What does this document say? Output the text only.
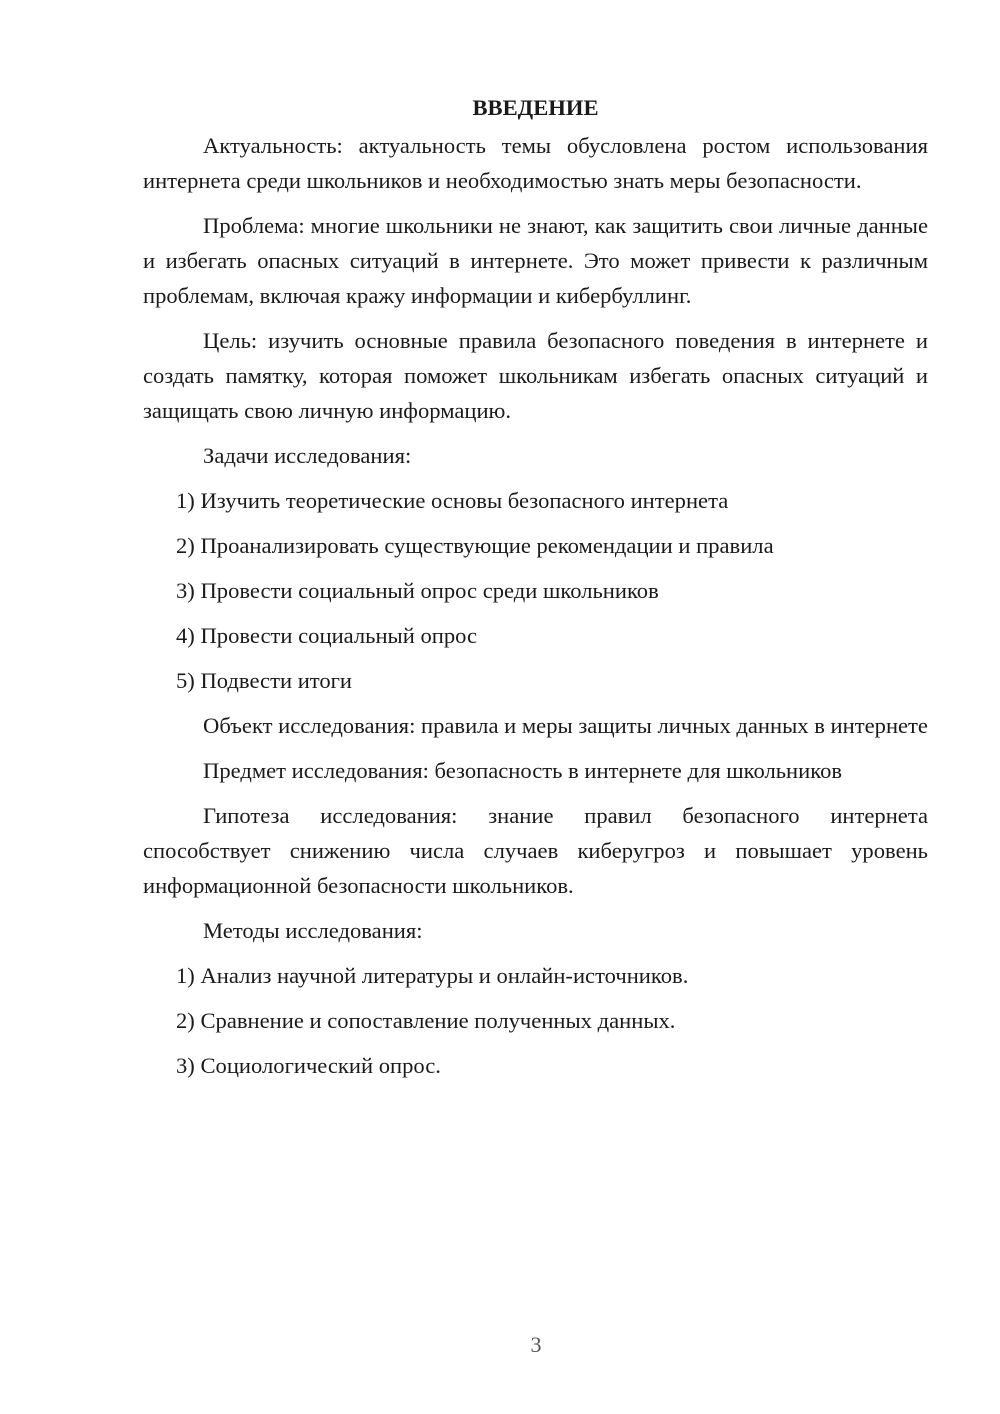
ВВЕДЕНИЕ

Актуальность: актуальность темы обусловлена ростом использования интернета среди школьников и необходимостью знать меры безопасности.

Проблема: многие школьники не знают, как защитить свои личные данные и избегать опасных ситуаций в интернете. Это может привести к различным проблемам, включая кражу информации и кибербуллинг.

Цель: изучить основные правила безопасного поведения в интернете и создать памятку, которая поможет школьникам избегать опасных ситуаций и защищать свою личную информацию.

Задачи исследования:

1) Изучить теоретические основы безопасного интернета

2) Проанализировать существующие рекомендации и правила

3) Провести социальный опрос среди школьников

4) Провести социальный опрос

5) Подвести итоги

Объект исследования: правила и меры защиты личных данных в интернете

Предмет исследования: безопасность в интернете для школьников

Гипотеза исследования: знание правил безопасного интернета способствует снижению числа случаев киберугроз и повышает уровень информационной безопасности школьников.

Методы исследования:

1) Анализ научной литературы и онлайн-источников.

2) Сравнение и сопоставление полученных данных.

3) Социологический опрос.

3
